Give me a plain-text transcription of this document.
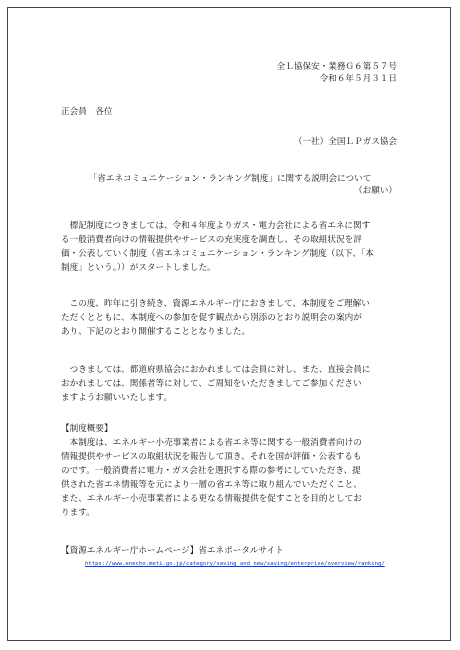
全Ｌ協保安・業務Ｇ６第５７号
令和６年５月３１日
正会員　各位
（一社）全国ＬＰガス協会
「省エネコミュニケーション・ランキング制度」に関する説明会について
（お願い）
　標記制度につきましては、令和４年度よりガス・電力会社による省エネに関す
る一般消費者向けの情報提供やサービスの充実度を調査し、その取組状況を評
価・公表していく制度（省エネコミュニケーション・ランキング制度（以下、「本
制度」という。））がスタートしました。
　この度、昨年に引き続き、資源エネルギー庁におきまして、本制度をご理解い
ただくとともに、本制度への参加を促す観点から別添のとおり説明会の案内が
あり、下記のとおり開催することとなりました。
　つきましては、都道府県協会におかれましては会員に対し、また、直接会員に
おかれましては、関係者等に対して、ご周知をいただきましてご参加ください
ますようお願いいたします。
【制度概要】
　本制度は、エネルギー小売事業者による省エネ等に関する一般消費者向けの
情報提供やサービスの取組状況を報告して頂き、それを国が評価・公表するも
のです。一般消費者に電力・ガス会社を選択する際の参考にしていただき、提
供された省エネ情報等を元により一層の省エネ等に取り組んでいただくこと、
また、エネルギー小売事業者による更なる情報提供を促すことを目的としてお
ります。
【資源エネルギー庁ホームページ】省エネポータルサイト
https://www.enecho.meti.go.jp/category/saving_and_new/saving/enterprise/overview/ranking/
